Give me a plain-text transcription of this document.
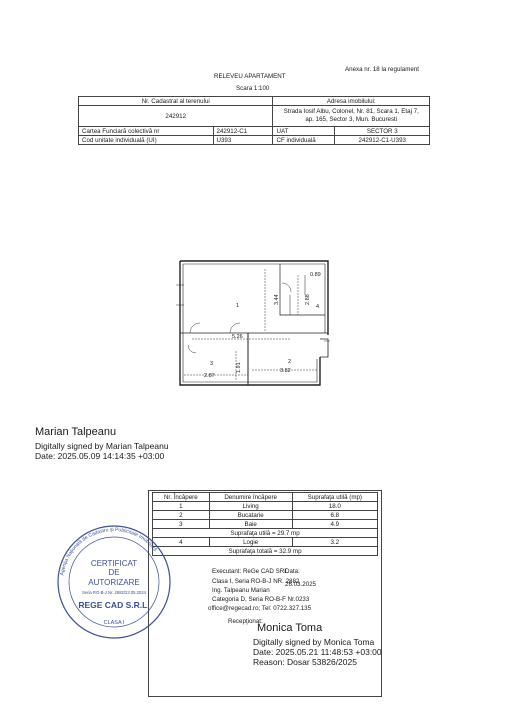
Anexa nr. 18 la regulament
RELEVEU APARTAMENT
Scara 1:100
Nr. Cadastral al terenului		Adresa imobilului:	
242912		Strada Iosif Albu, Colonel, Nr. 81, Scara 1, Etaj 7,
ap. 165, Sector 3, Mun. Bucuresti	

Cartea Funciară colectivă nr	242912-C1	UAT	SECTOR 3
Cod unitate individuală (UI)	U393	CF individuală	242912-C1-U393
1
2
3
4
0.89
3.44	2.88
5.26
1.91
2.87
3.82
Marian Talpeanu
Digitally signed by Marian Talpeanu
Date: 2025.05.09 14:14:35 +03:00
Nr. Încăpere	Denumire încăpere	Suprafaţa utilă (mp)
1	Living	18.0
2	Bucatarie	6.8
3	Baie	4.9
Suprafaţa utilă = 29.7 mp		
4	Logie	3.2
Suprafaţa totală = 32.9 mp		
Executant: ReGe CAD SRL
Clasa I, Seria RO-B-J NR. 2882
Ing. Talpeanu Marian
Categoria D, Seria RO-B-F Nr.0233
office@regecad.ro; Tel: 0722.327.135
Data:
26.03.2025
Recepţionat:
Agenţia Naţională de Cadastru şi Publicitate Imobiliară
CERTIFICAT
DE
AUTORIZARE
Seria RO-B-J Nr. 2882/23.05.2024
REGE CAD S.R.L.
CLASA I	Monica Toma
Digitally signed by Monica Toma
Date: 2025.05.21 11:48:53 +03:00
Reason: Dosar 53826/2025
